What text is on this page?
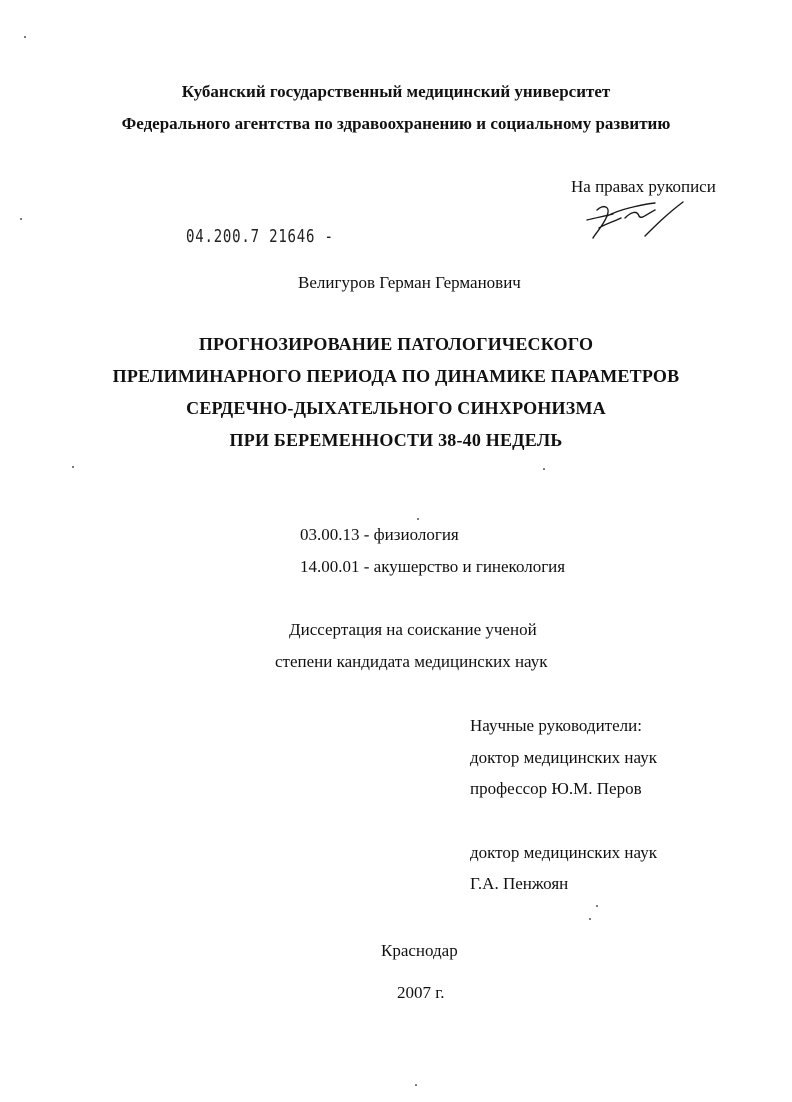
Кубанский государственный медицинский университет
Федерального агентства по здравоохранению и социальному развитию
На правах рукописи
04.200.7 21646 -
Велигуров Герман Германович
ПРОГНОЗИРОВАНИЕ ПАТОЛОГИЧЕСКОГО
ПРЕЛИМИНАРНОГО ПЕРИОДА ПО ДИНАМИКЕ ПАРАМЕТРОВ
СЕРДЕЧНО-ДЫХАТЕЛЬНОГО СИНХРОНИЗМА
ПРИ БЕРЕМЕННОСТИ 38-40 НЕДЕЛЬ
03.00.13 - физиология
14.00.01 - акушерство и гинекология
Диссертация на соискание ученой
степени кандидата медицинских наук
Научные руководители:
доктор медицинских наук
профессор Ю.М. Перов
доктор медицинских наук
Г.А. Пенжоян
Краснодар
2007 г.
